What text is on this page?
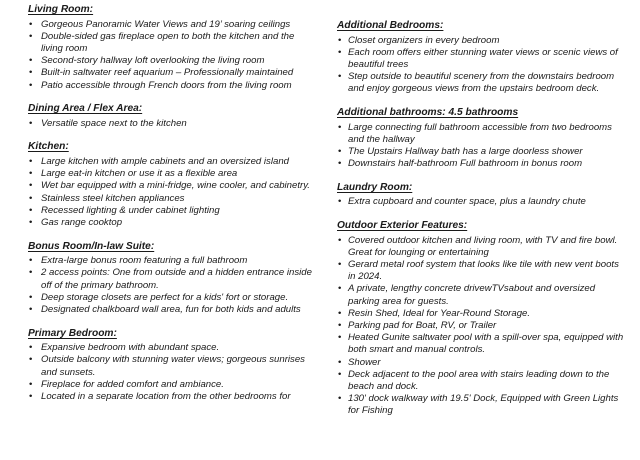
Living Room:
• Gorgeous Panoramic Water Views and 19’ soaring ceilings
• Double-sided gas fireplace open to both the kitchen and the living room
• Second-story hallway loft overlooking the living room
• Built-in saltwater reef aquarium – Professionally maintained
• Patio accessible through French doors from the living room
Dining Area / Flex Area:
• Versatile space next to the kitchen
Kitchen:
• Large kitchen with ample cabinets and an oversized island
• Large eat-in kitchen or use it as a flexible area
• Wet bar equipped with a mini-fridge, wine cooler, and cabinetry.
• Stainless steel kitchen appliances
• Recessed lighting & under cabinet lighting
• Gas range cooktop
Bonus Room/In-law Suite:
• Extra-large bonus room featuring a full bathroom
• 2 access points: One from outside and a hidden entrance inside off of the primary bathroom.
• Deep storage closets are perfect for a kids' fort or storage.
• Designated chalkboard wall area, fun for both kids and adults
Primary Bedroom:
• Expansive bedroom with abundant space.
• Outside balcony with stunning water views; gorgeous sunrises and sunsets.
• Fireplace for added comfort and ambiance.
• Located in a separate location from the other bedrooms for
Additional Bedrooms:
• Closet organizers in every bedroom
• Each room offers either stunning water views or scenic views of beautiful trees
• Step outside to beautiful scenery from the downstairs bedroom and enjoy gorgeous views from the upstairs bedroom deck.
Additional bathrooms: 4.5 bathrooms
• Large connecting full bathroom accessible from two bedrooms and the hallway
• The Upstairs Hallway bath has a large doorless shower
• Downstairs half-bathroom Full bathroom in bonus room
Laundry Room:
• Extra cupboard and counter space, plus a laundry chute
Outdoor Exterior Features:
• Covered outdoor kitchen and living room, with TV and fire bowl. Great for lounging or entertaining
• Gerard metal roof system that looks like tile with new vent boots in 2024.
• A private, lengthy concrete drivewTVsabout and oversized parking area for guests.
• Resin Shed, Ideal for Year-Round Storage.
• Parking pad for Boat, RV, or Trailer
• Heated Gunite saltwater pool with a spill-over spa, equipped with both smart and manual controls.
• Shower
• Deck adjacent to the pool area with stairs leading down to the beach and dock.
• 130' dock walkway with 19.5' Dock, Equipped with Green Lights for Fishing
